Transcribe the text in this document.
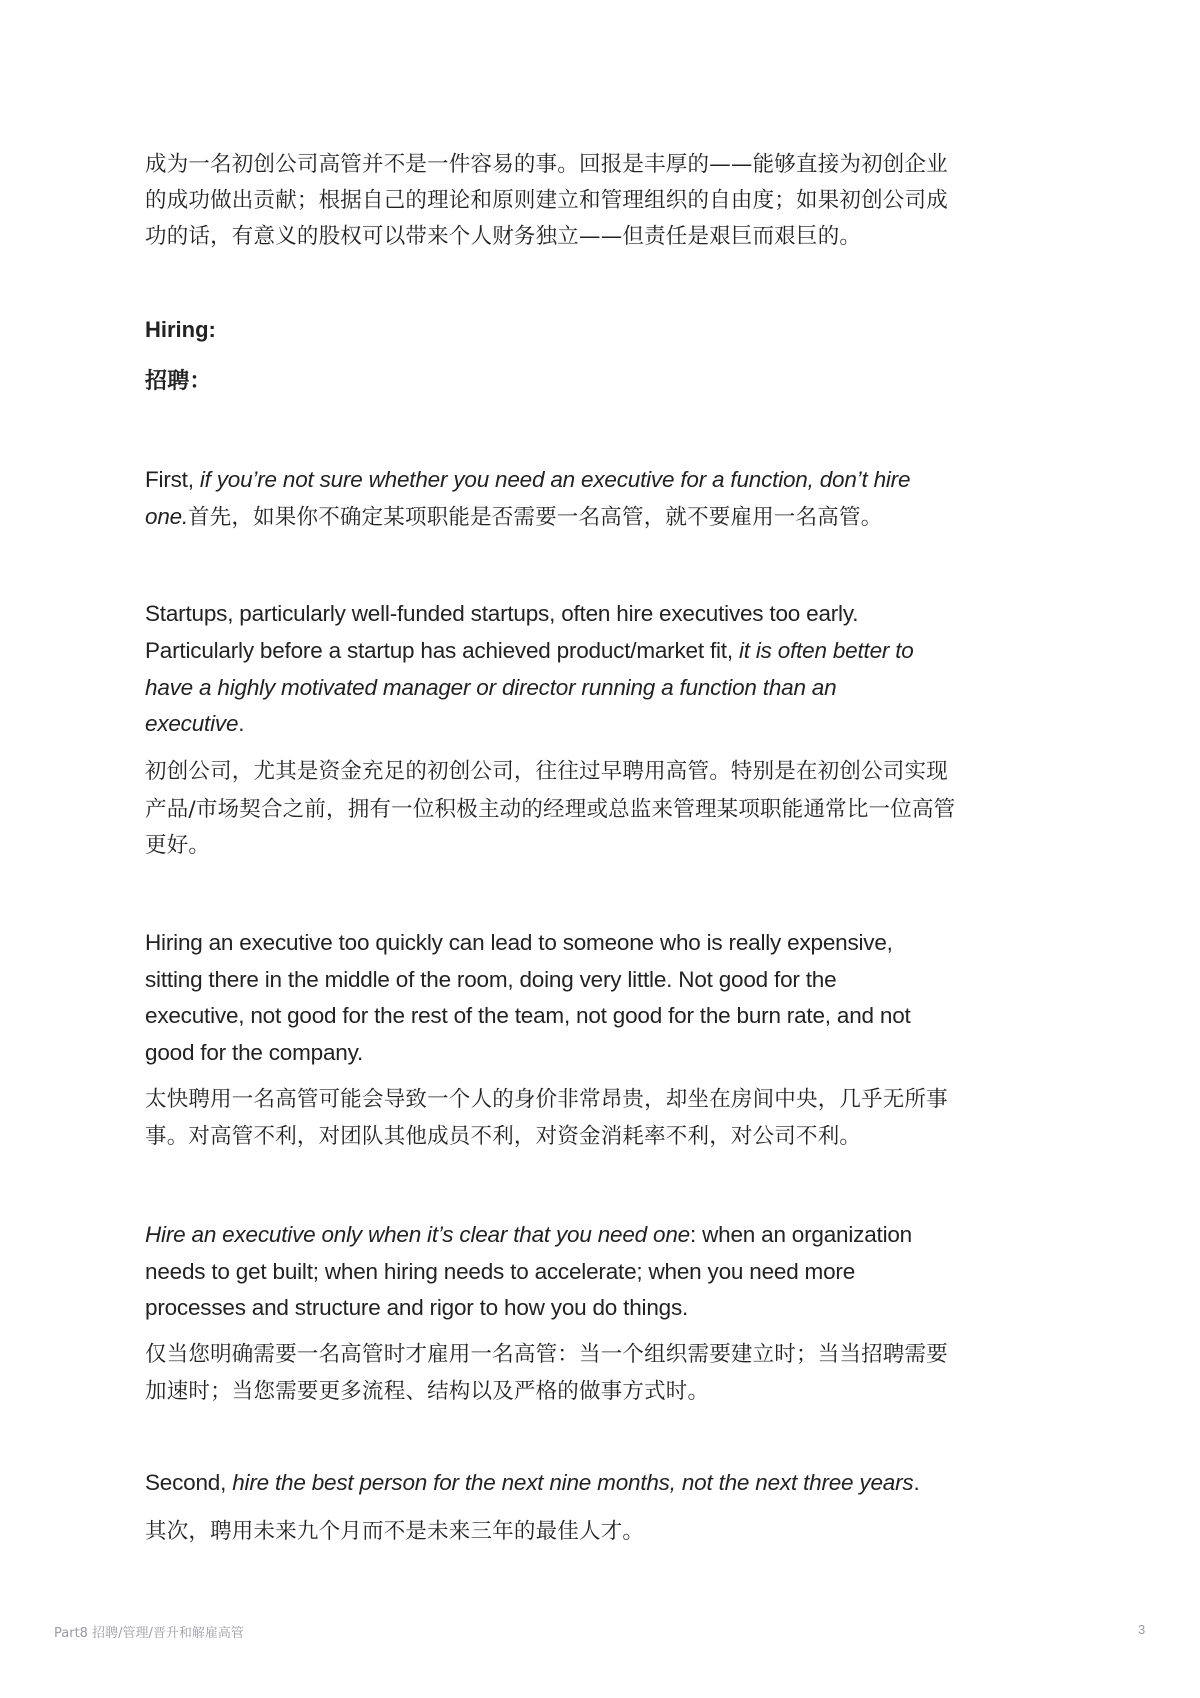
成为一名初创公司高管并不是一件容易的事。回报是丰厚的——能够直接为初创企业
的成功做出贡献；根据自己的理论和原则建立和管理组织的自由度；如果初创公司成
功的话，有意义的股权可以带来个人财务独立——但责任是艰巨而艰巨的。
Hiring:
招聘：
First, if you’re not sure whether you need an executive for a function, don’t hire
one.首先，如果你不确定某项职能是否需要一名高管，就不要雇用一名高管。
Startups, particularly well-funded startups, often hire executives too early.
Particularly before a startup has achieved product/market fit, it is often better to
have a highly motivated manager or director running a function than an
executive.
初创公司，尤其是资金充足的初创公司，往往过早聘用高管。特别是在初创公司实现
产品/市场契合之前，拥有一位积极主动的经理或总监来管理某项职能通常比一位高管
更好。
Hiring an executive too quickly can lead to someone who is really expensive,
sitting there in the middle of the room, doing very little. Not good for the
executive, not good for the rest of the team, not good for the burn rate, and not
good for the company.
太快聘用一名高管可能会导致一个人的身价非常昂贵，却坐在房间中央，几乎无所事
事。对高管不利，对团队其他成员不利，对资金消耗率不利，对公司不利。
Hire an executive only when it’s clear that you need one: when an organization
needs to get built; when hiring needs to accelerate; when you need more
processes and structure and rigor to how you do things.
仅当您明确需要一名高管时才雇用一名高管：当一个组织需要建立时；当当招聘需要
加速时；当您需要更多流程、结构以及严格的做事方式时。
Second, hire the best person for the next nine months, not the next three years.
其次，聘用未来九个月而不是未来三年的最佳人才。
Part8 招聘/管理/晋升和解雇高管	3
